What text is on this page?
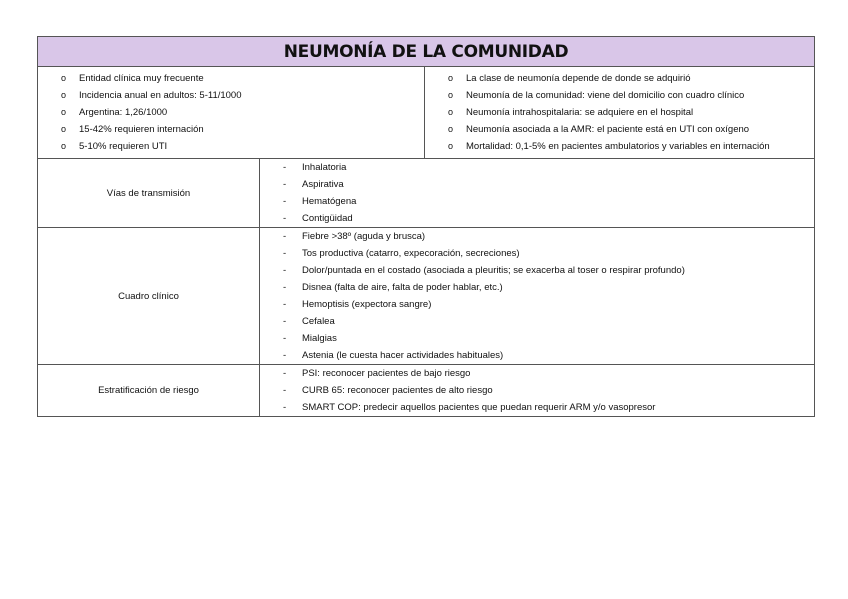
NEUMONÍA DE LA COMUNIDAD
o Entidad clínica muy frecuente
o Incidencia anual en adultos: 5-11/1000
o Argentina: 1,26/1000
o 15-42% requieren internación
o 5-10% requieren UTI
o La clase de neumonía depende de donde se adquirió
o Neumonía de la comunidad: viene del domicilio con cuadro clínico
o Neumonía intrahospitalaria: se adquiere en el hospital
o Neumonía asociada a la AMR: el paciente está en UTI con oxígeno
o Mortalidad: 0,1-5% en pacientes ambulatorios y variables en internación
Vías de transmisión
- Inhalatoria
- Aspirativa
- Hematógena
- Contigüidad
Cuadro clínico
- Fiebre >38º (aguda y brusca)
- Tos productiva (catarro, expecoración, secreciones)
- Dolor/puntada en el costado (asociada a pleuritis; se exacerba al toser o respirar profundo)
- Disnea (falta de aire, falta de poder hablar, etc.)
- Hemoptisis (expectora sangre)
- Cefalea
- Mialgias
- Astenia (le cuesta hacer actividades habituales)
Estratificación de riesgo
- PSI: reconocer pacientes de bajo riesgo
- CURB 65: reconocer pacientes de alto riesgo
- SMART COP: predecir aquellos pacientes que puedan requerir ARM y/o vasopresor
